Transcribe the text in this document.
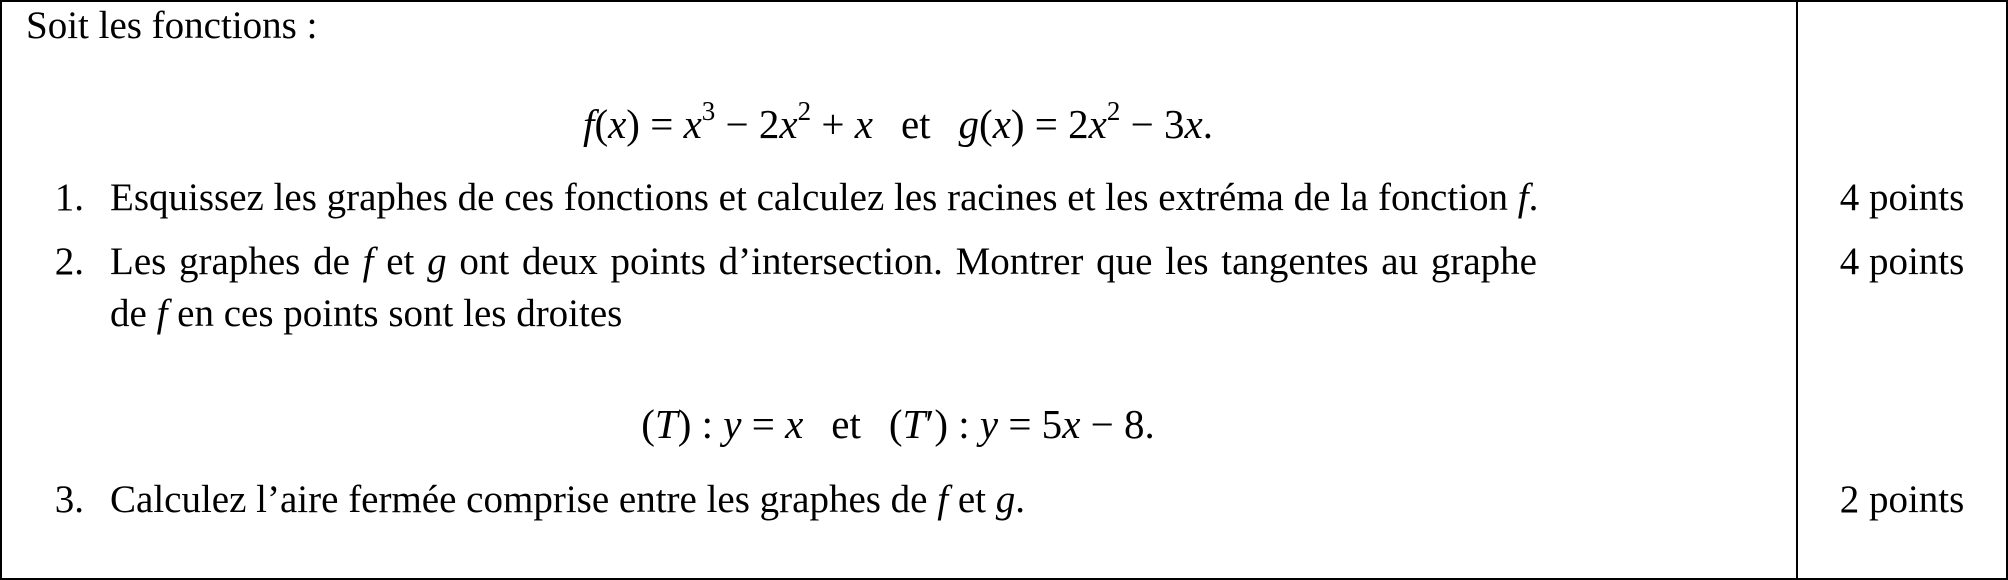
Soit les fonctions :
$f(x) = x^3 - 2x^2 + x$ et $g(x) = 2x^2 - 3x$.
1. Esquissez les graphes de ces fonctions et calculez les racines et les extréma de la fonction f.	4 points
2. Les graphes de f et g ont deux points d’intersection. Montrer que les tangentes au graphe
de f en ces points sont les droites
4 points
(T) : y = x et (T′) : y = 5x − 8.
3. Calculez l’aire fermée comprise entre les graphes de f et g.	2 points
